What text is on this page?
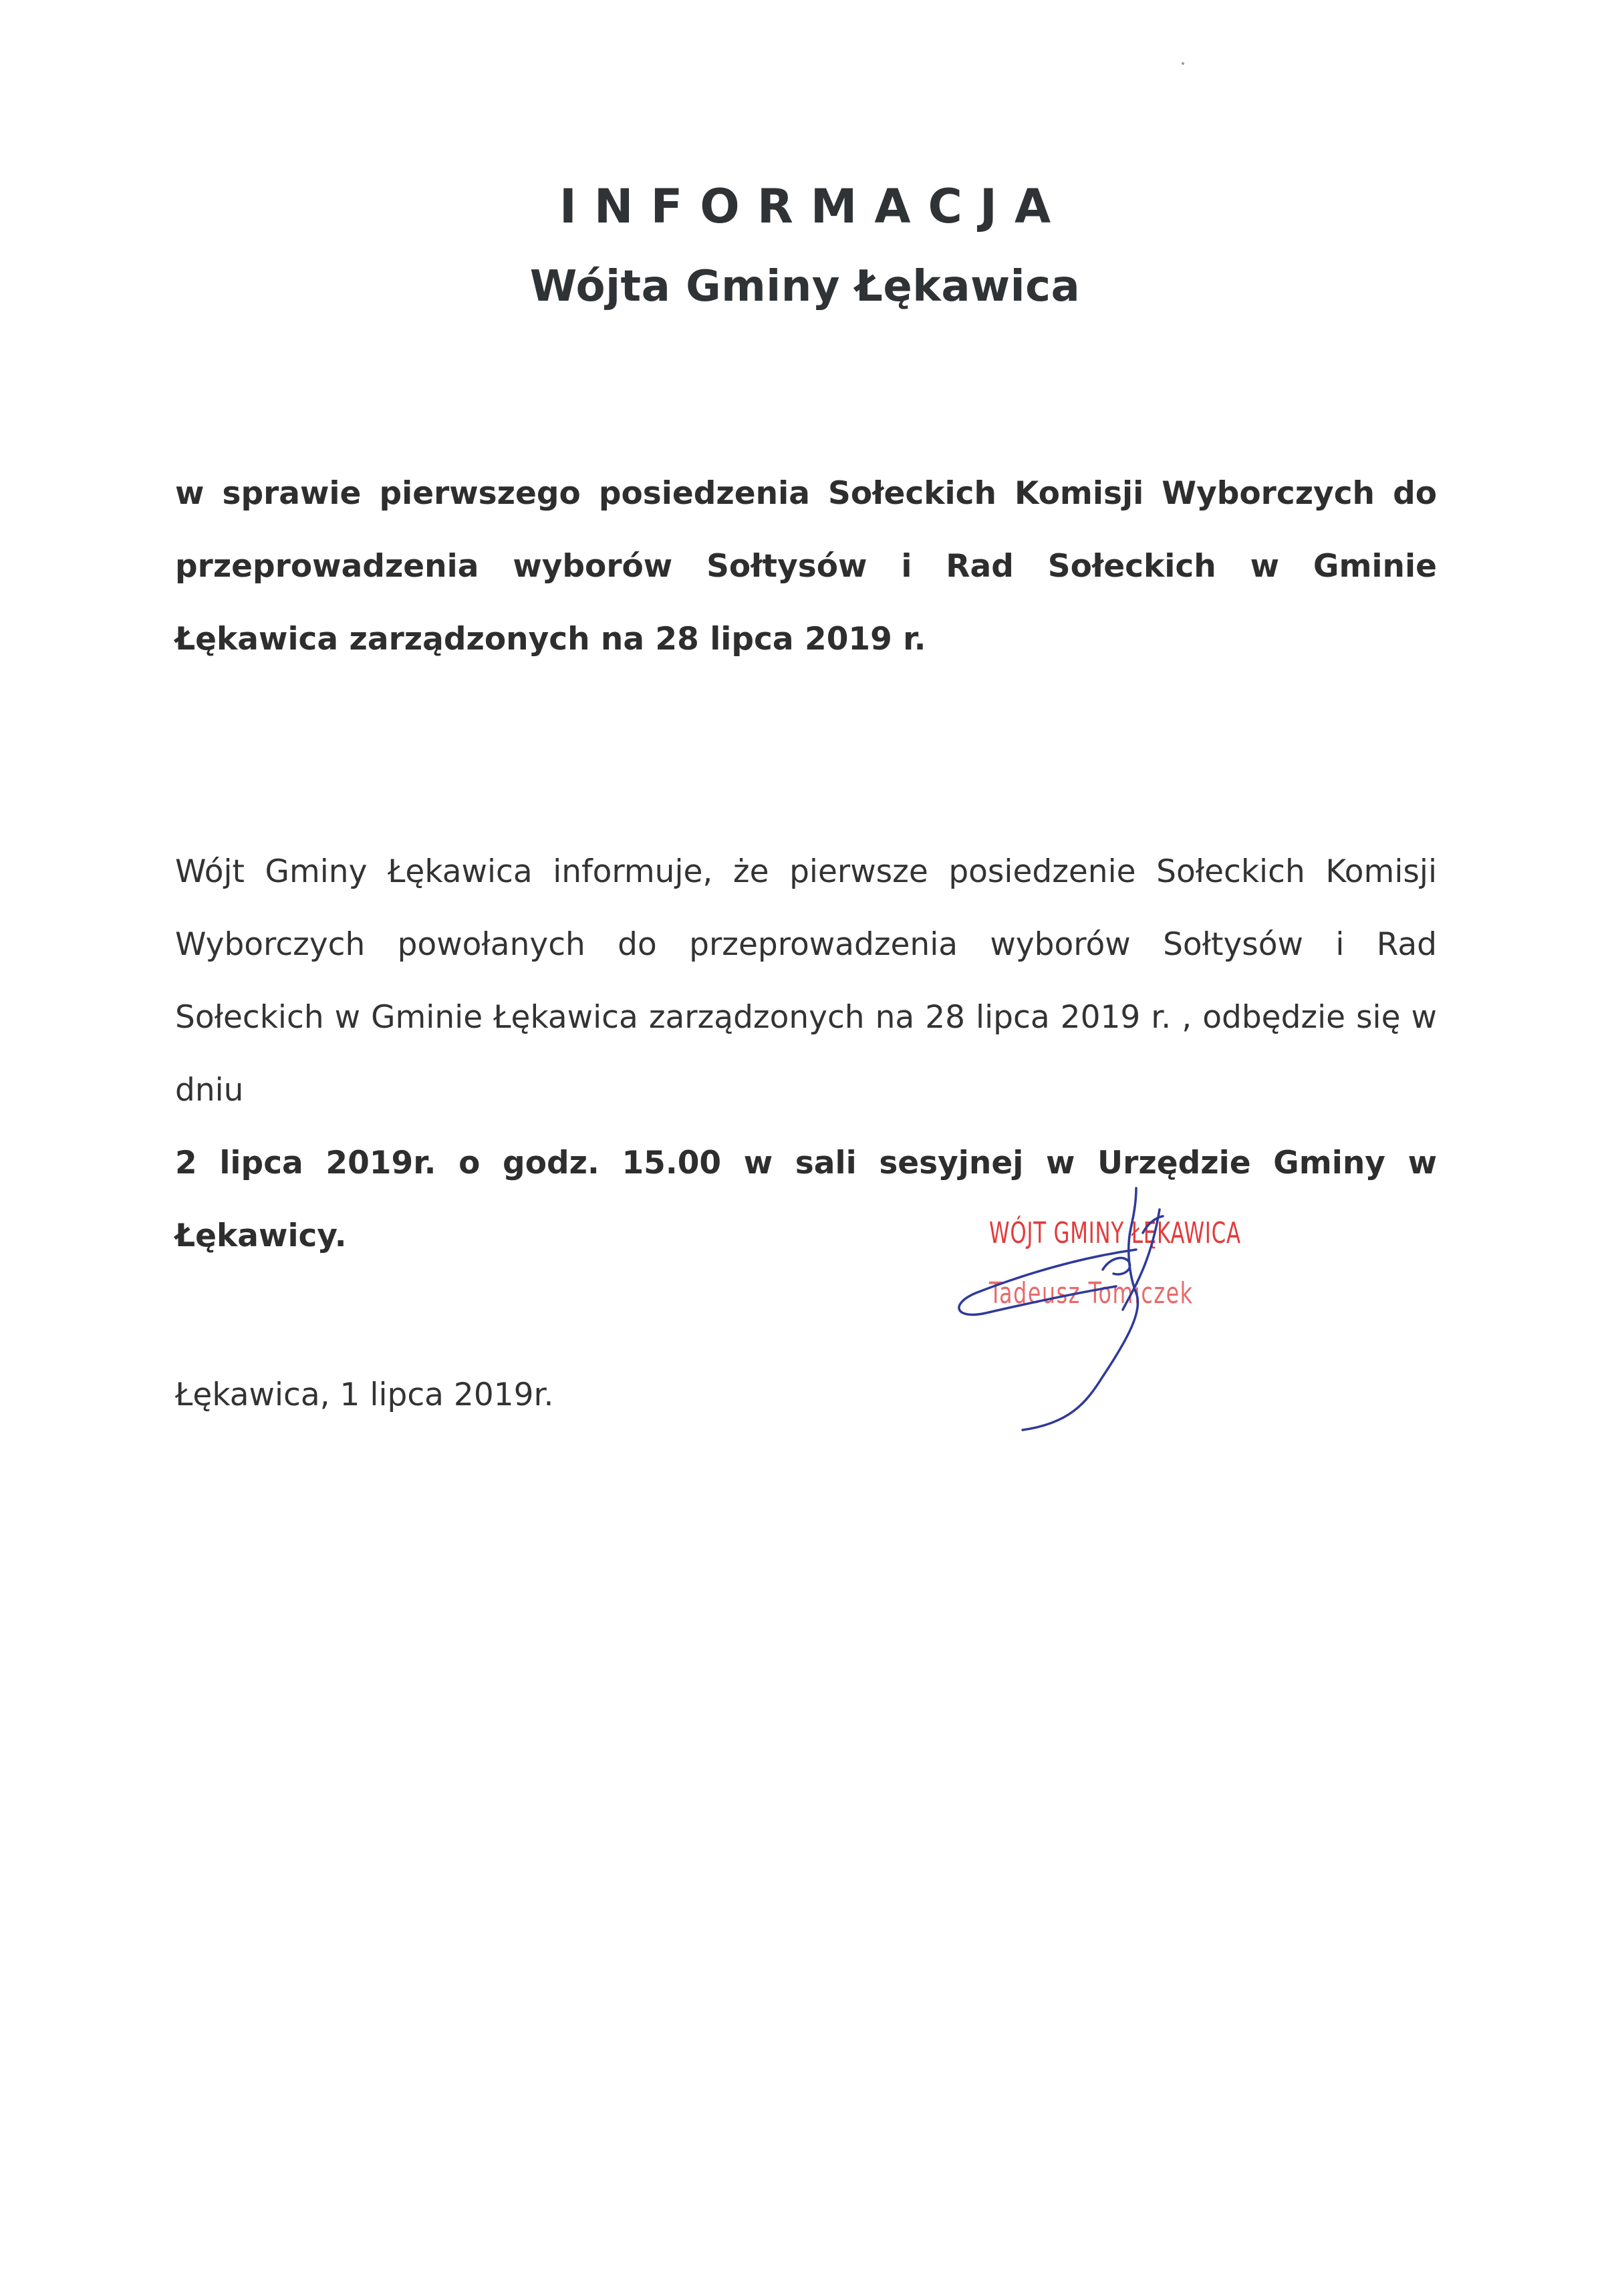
INFORMACJA
Wójta Gminy Łękawica
w sprawie pierwszego posiedzenia Sołeckich Komisji Wyborczych do przeprowadzenia wyborów Sołtysów i Rad Sołeckich w Gminie Łękawica zarządzonych na 28 lipca 2019 r.
Wójt Gminy Łękawica informuje, że pierwsze posiedzenie Sołeckich Komisji Wyborczych powołanych do przeprowadzenia wyborów Sołtysów i Rad Sołeckich w Gminie Łękawica zarządzonych na 28 lipca 2019 r. , odbędzie się w dniu
2 lipca 2019r. o godz. 15.00 w sali sesyjnej w Urzędzie Gminy w Łękawicy.	WÓJT GMINY ŁĘKAWICA
Tadeusz Tomiczek
Łękawica, 1 lipca 2019r.
